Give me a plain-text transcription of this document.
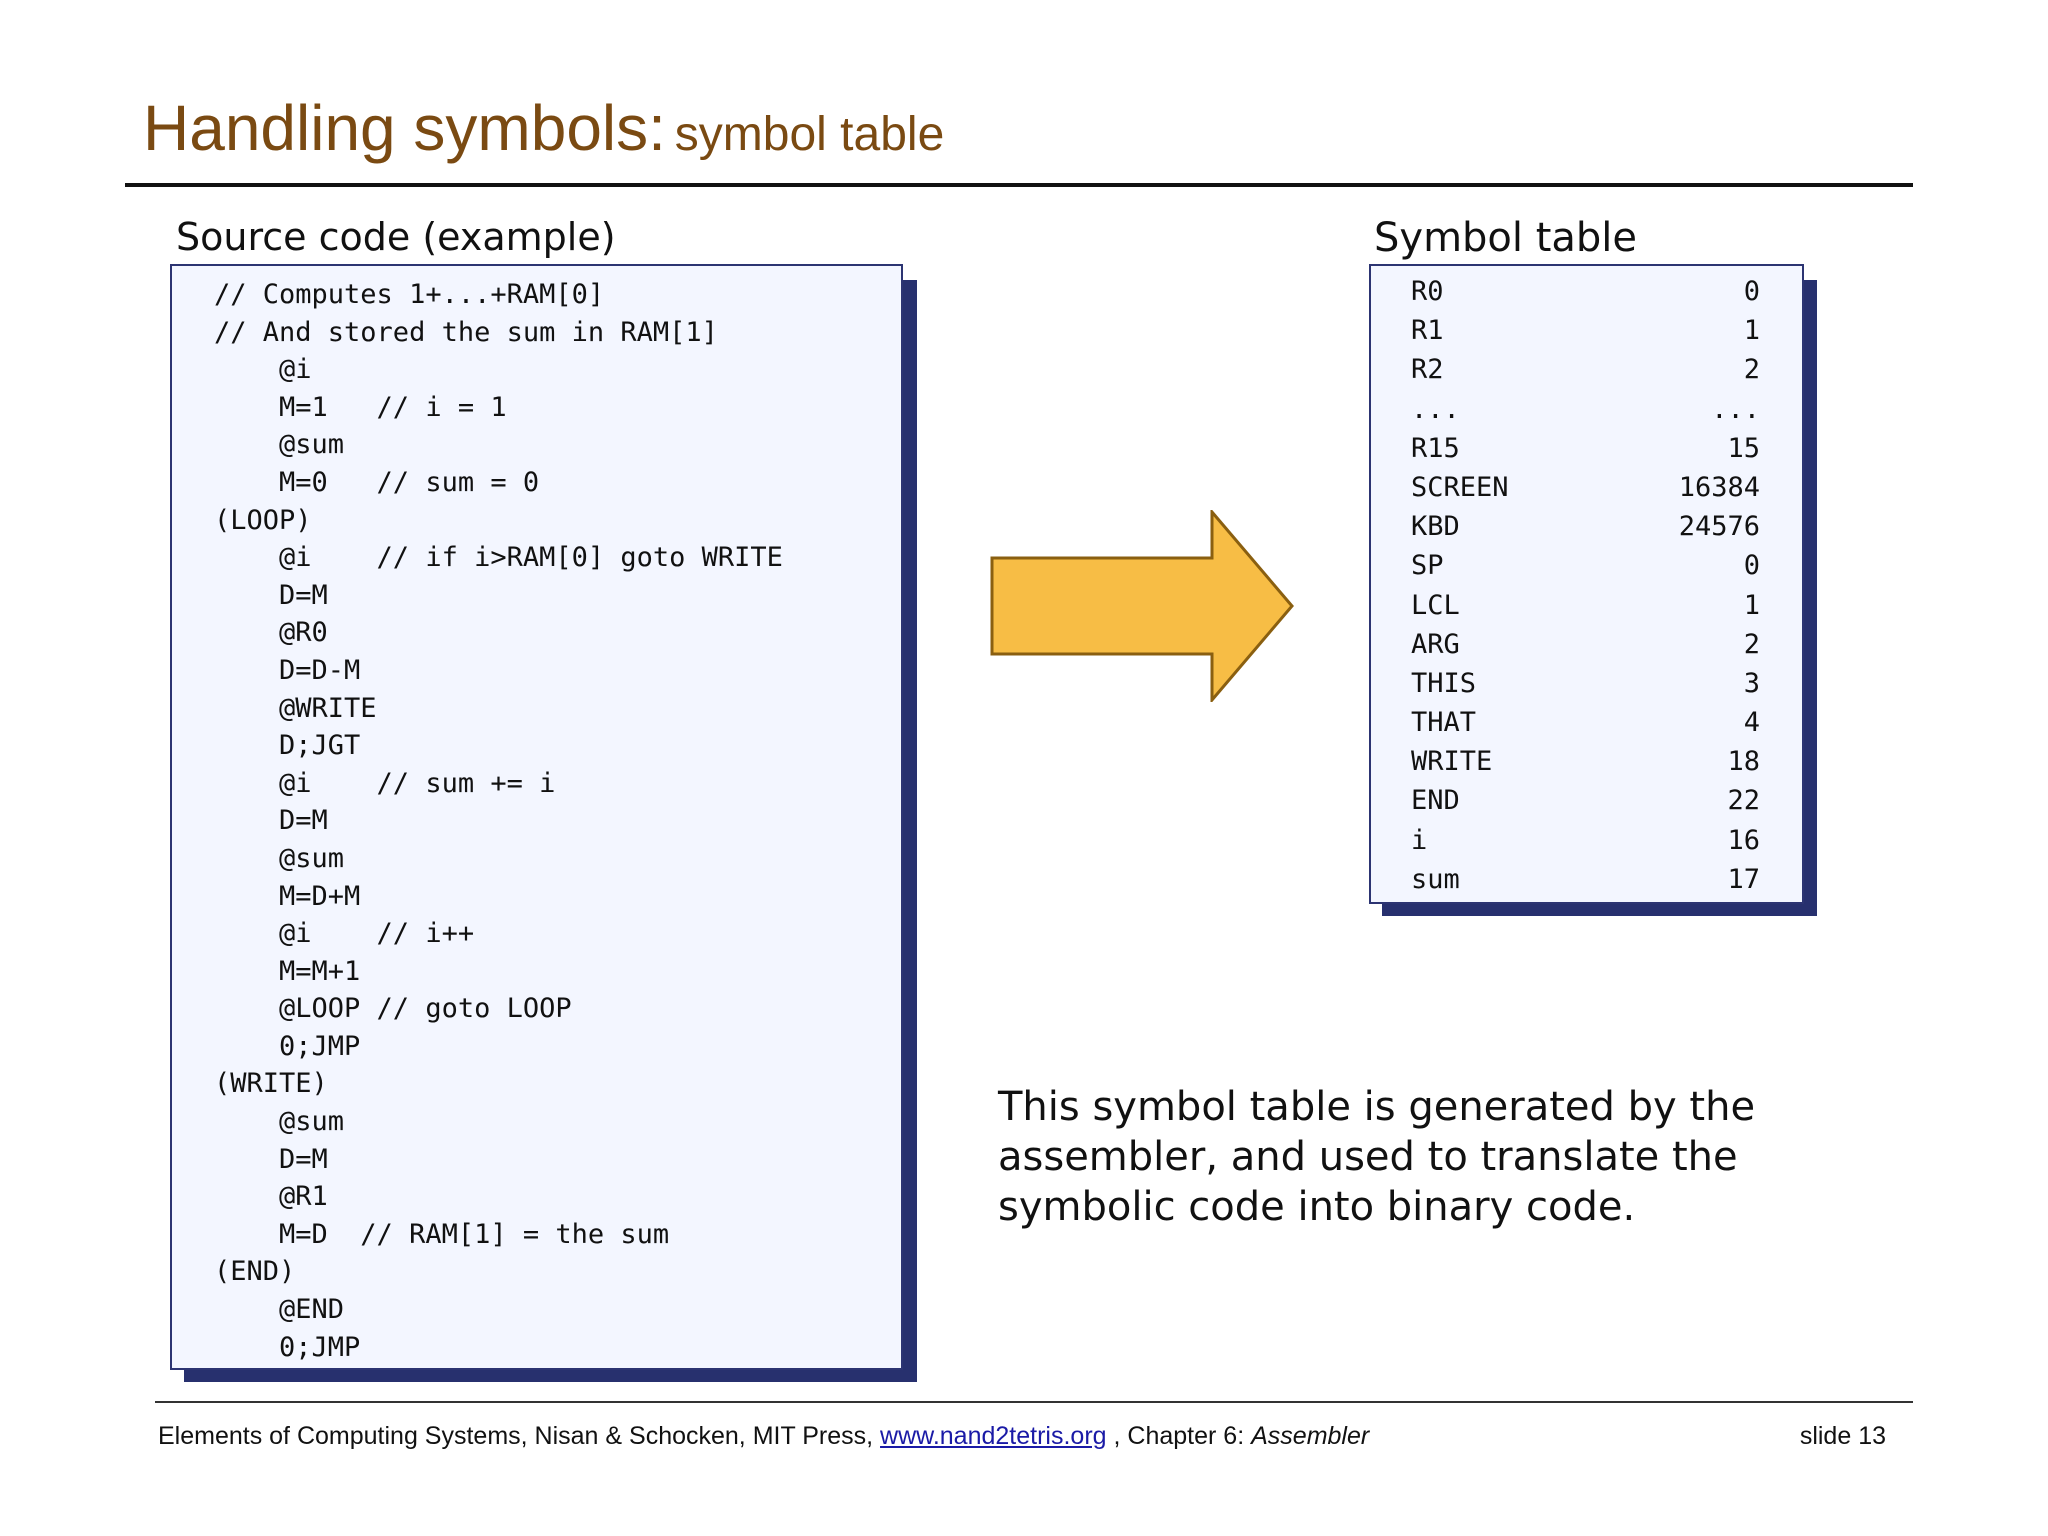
Handling symbols: symbol table
Source code (example)
// Computes 1+...+RAM[0]
// And stored the sum in RAM[1]
@i
M=1   // i = 1
@sum
M=0   // sum = 0
(LOOP)
@i    // if i>RAM[0] goto WRITE
D=M
@R0
D=D-M
@WRITE
D;JGT
@i    // sum += i
D=M
@sum
M=D+M
@i    // i++
M=M+1
@LOOP // goto LOOP
0;JMP
(WRITE)
@sum
D=M
@R1
M=D  // RAM[1] = the sum
(END)
@END
0;JMP
Symbol table
R0	0
R1	1
R2	2
...	...
R15	15
SCREEN	16384
KBD	24576
SP	0
LCL	1
ARG	2
THIS	3
THAT	4
WRITE	18
END	22
i	16
sum	17

This symbol table is generated by the assembler, and used to translate the symbolic code into binary code.

Elements of Computing Systems, Nisan & Schocken, MIT Press, www.nand2tetris.org , Chapter 6: Assembler	slide 13
